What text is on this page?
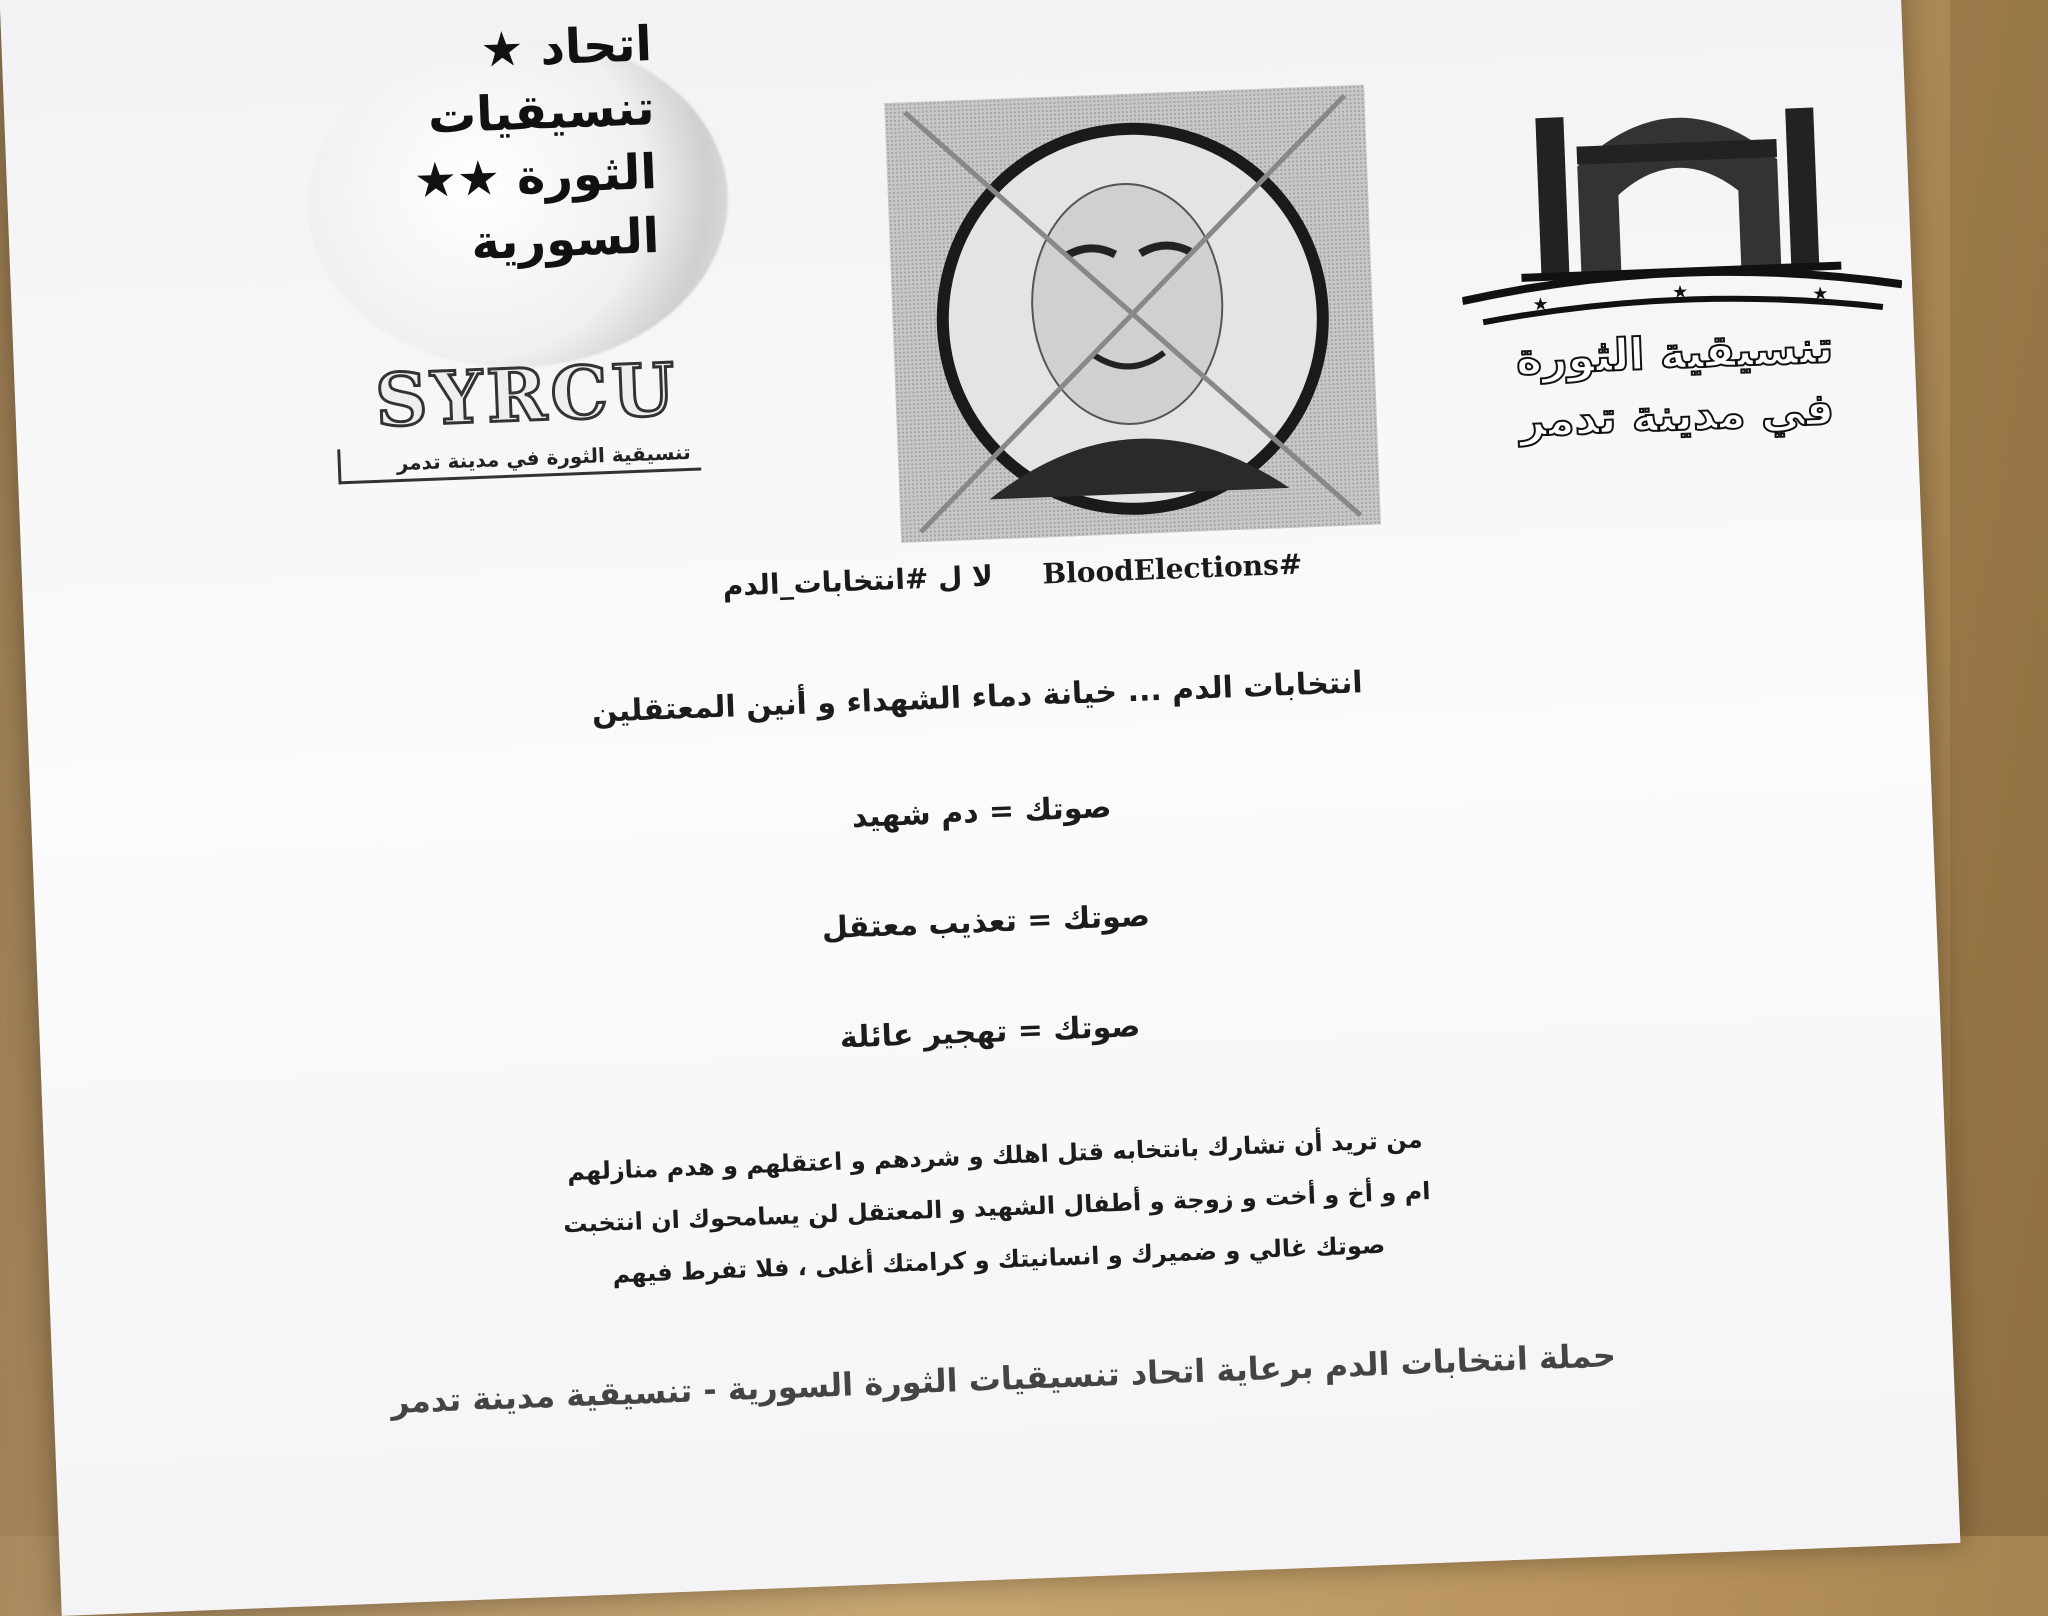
اتحاد ★
تنسيقيات
الثورة ★★
السورية
SYRCU
تنسيقية الثورة في مدينة تدمر
★
★	★
تنسيقية الثورة
في مدينة تدمر
لا ل #انتخابات_الدم BloodElections#
انتخابات الدم ... خيانة دماء الشهداء و أنين المعتقلين
صوتك = دم شهيد
صوتك = تعذيب معتقل
صوتك = تهجير عائلة
من تريد أن تشارك بانتخابه قتل اهلك و شردهم و اعتقلهم و هدم منازلهم
ام و أخ و أخت و زوجة و أطفال الشهيد و المعتقل لن يسامحوك ان انتخبت
صوتك غالي و ضميرك و انسانيتك و كرامتك أغلى ، فلا تفرط فيهم
حملة انتخابات الدم برعاية اتحاد تنسيقيات الثورة السورية - تنسيقية مدينة تدمر
